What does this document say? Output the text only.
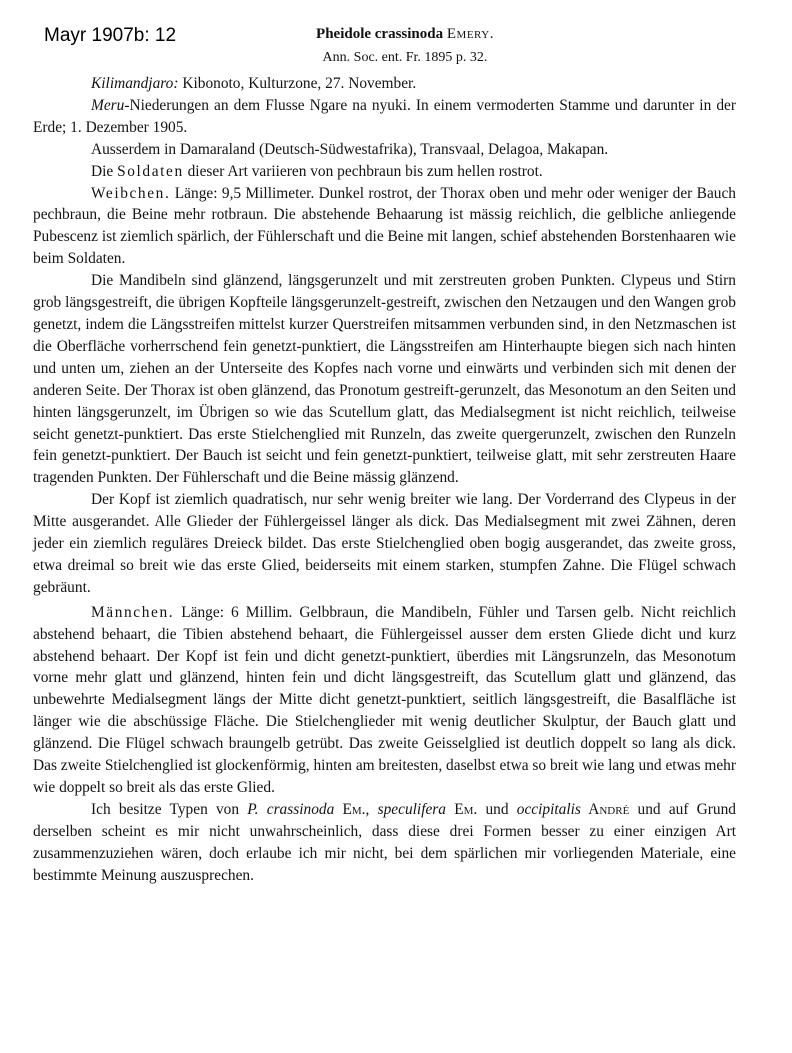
Mayr 1907b: 12	Pheidole crassinoda Emery.
Ann. Soc. ent. Fr. 1895 p. 32.

Kilimandjaro: Kibonoto, Kulturzone, 27. November.

Meru-Niederungen an dem Flusse Ngare na nyuki. In einem vermoderten Stamme und darunter in der Erde; 1. Dezember 1905.

Ausserdem in Damaraland (Deutsch-Südwestafrika), Transvaal, Delagoa, Makapan.

Die Soldaten dieser Art variieren von pechbraun bis zum hellen rostrot.

Weibchen. Länge: 9,5 Millimeter. Dunkel rostrot, der Thorax oben und mehr oder weniger der Bauch pechbraun, die Beine mehr rotbraun. Die abstehende Behaarung ist mässig reichlich, die gelbliche anliegende Pubescenz ist ziemlich spärlich, der Fühlerschaft und die Beine mit langen, schief abstehenden Borstenhaaren wie beim Soldaten.

Die Mandibeln sind glänzend, längsgerunzelt und mit zerstreuten groben Punkten. Clypeus und Stirn grob längsgestreift, die übrigen Kopfteile längsgerunzelt-gestreift, zwischen den Netzaugen und den Wangen grob genetzt, indem die Längsstreifen mittelst kurzer Querstreifen mitsammen verbunden sind, in den Netzmaschen ist die Oberfläche vorherrschend fein genetzt-punktiert, die Längsstreifen am Hinterhaupte biegen sich nach hinten und unten um, ziehen an der Unterseite des Kopfes nach vorne und einwärts und verbinden sich mit denen der anderen Seite. Der Thorax ist oben glänzend, das Pronotum gestreift-gerunzelt, das Mesonotum an den Seiten und hinten längsgerunzelt, im Übrigen so wie das Scutellum glatt, das Medialsegment ist nicht reichlich, teilweise seicht genetzt-punktiert. Das erste Stielchenglied mit Runzeln, das zweite quergerunzelt, zwischen den Runzeln fein genetzt-punktiert. Der Bauch ist seicht und fein genetzt-punktiert, teilweise glatt, mit sehr zerstreuten Haare tragenden Punkten. Der Fühlerschaft und die Beine mässig glänzend.

Der Kopf ist ziemlich quadratisch, nur sehr wenig breiter wie lang. Der Vorderrand des Clypeus in der Mitte ausgerandet. Alle Glieder der Fühlergeissel länger als dick. Das Medialsegment mit zwei Zähnen, deren jeder ein ziemlich reguläres Dreieck bildet. Das erste Stielchenglied oben bogig ausgerandet, das zweite gross, etwa dreimal so breit wie das erste Glied, beiderseits mit einem starken, stumpfen Zahne. Die Flügel schwach gebräunt.

Männchen. Länge: 6 Millim. Gelbbraun, die Mandibeln, Fühler und Tarsen gelb. Nicht reichlich abstehend behaart, die Tibien abstehend behaart, die Fühlergeissel ausser dem ersten Gliede dicht und kurz abstehend behaart. Der Kopf ist fein und dicht genetzt-punktiert, überdies mit Längsrunzeln, das Mesonotum vorne mehr glatt und glänzend, hinten fein und dicht längsgestreift, das Scutellum glatt und glänzend, das unbewehrte Medialsegment längs der Mitte dicht genetzt-punktiert, seitlich längsgestreift, die Basalfläche ist länger wie die abschüssige Fläche. Die Stielchenglieder mit wenig deutlicher Skulptur, der Bauch glatt und glänzend. Die Flügel schwach braungelb getrübt. Das zweite Geisselglied ist deutlich doppelt so lang als dick. Das zweite Stielchenglied ist glockenförmig, hinten am breitesten, daselbst etwa so breit wie lang und etwas mehr wie doppelt so breit als das erste Glied.

Ich besitze Typen von P. crassinoda Em., speculifera Em. und occipitalis André und auf Grund derselben scheint es mir nicht unwahrscheinlich, dass diese drei Formen besser zu einer einzigen Art zusammenzuziehen wären, doch erlaube ich mir nicht, bei dem spärlichen mir vorliegenden Materiale, eine bestimmte Meinung auszusprechen.
